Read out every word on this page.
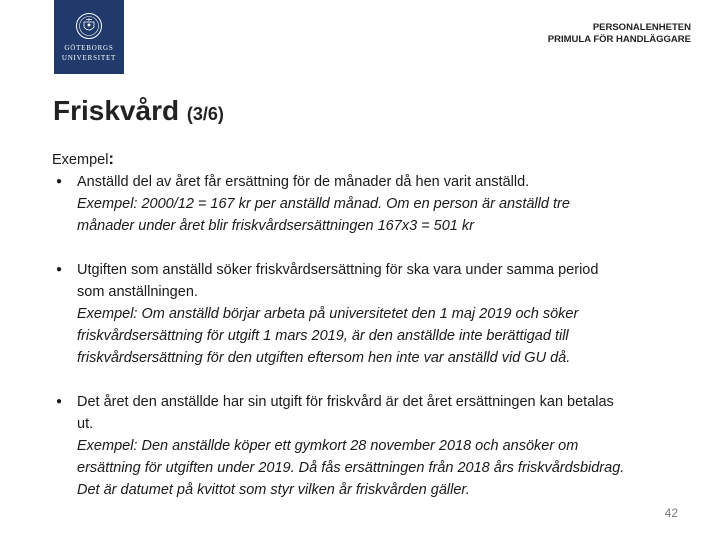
GÖTEBORGS
UNIVERSITET
PERSONALENHETEN
PRIMULA FÖR HANDLÄGGARE
Friskvård (3/6)

Exempel:

● Anställd del av året får ersättning för de månader då hen varit anställd.
Exempel: 2000/12 = 167 kr per anställd månad. Om en person är anställd tre
månader under året blir friskvårdsersättningen 167x3 = 501 kr
● Utgiften som anställd söker friskvårdsersättning för ska vara under samma period
som anställningen.
Exempel: Om anställd börjar arbeta på universitetet den 1 maj 2019 och söker
friskvårdsersättning för utgift 1 mars 2019, är den anställde inte berättigad till
friskvårdsersättning för den utgiften eftersom hen inte var anställd vid GU då.
● Det året den anställde har sin utgift för friskvård är det året ersättningen kan betalas
ut.
Exempel: Den anställde köper ett gymkort 28 november 2018 och ansöker om
ersättning för utgiften under 2019. Då fås ersättningen från 2018 års friskvårdsbidrag.
Det är datumet på kvittot som styr vilken år friskvården gäller.
42
